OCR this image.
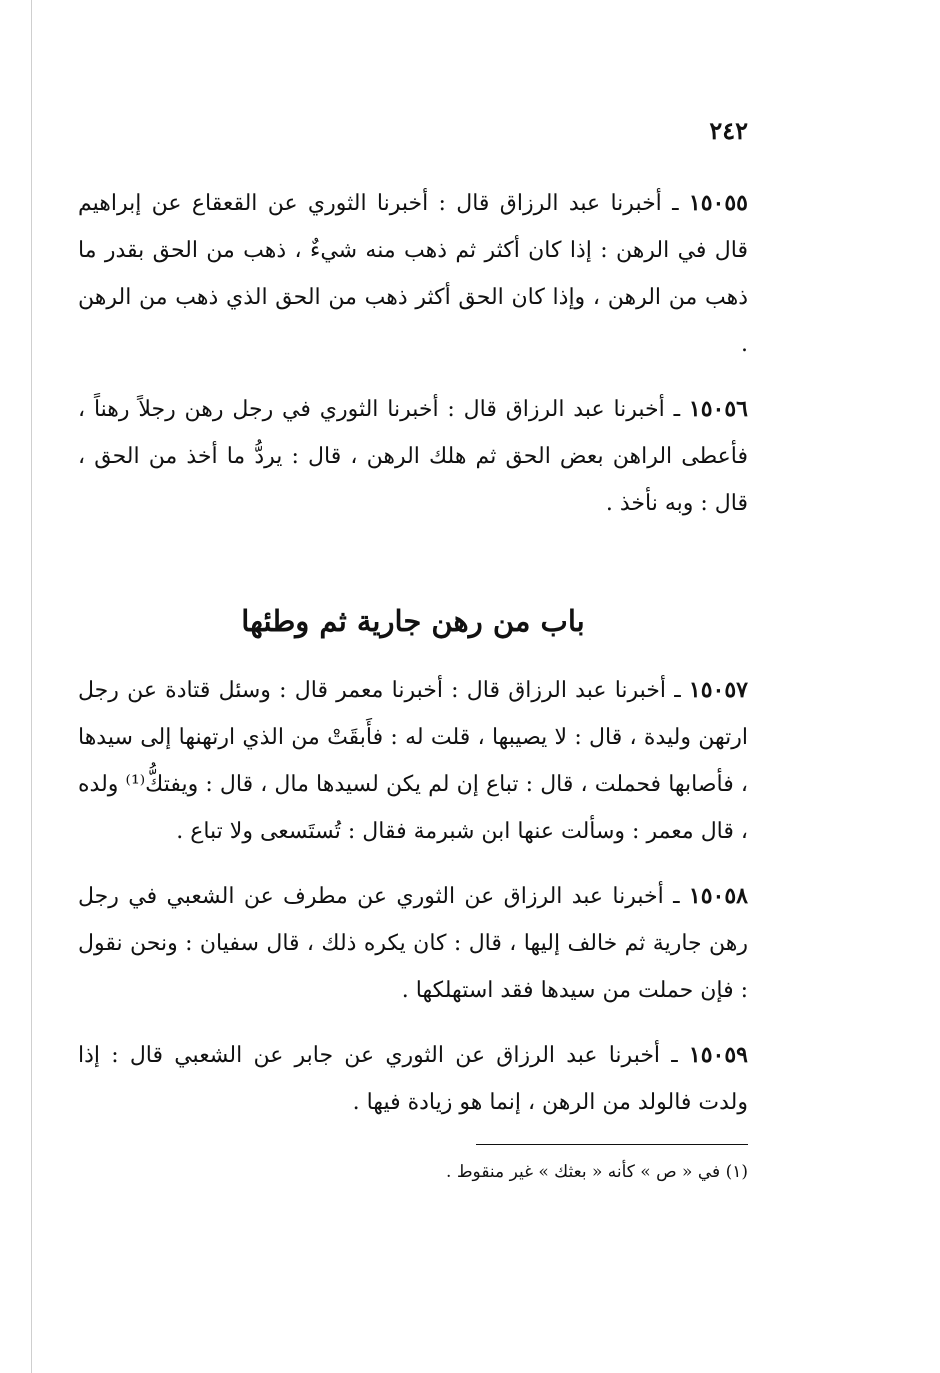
٢٤٢

١٥٠٥٥ ـ أخبرنا عبد الرزاق قال : أخبرنا الثوري عن القعقاع عن إبراهيم قال في الرهن : إذا كان أكثر ثم ذهب منه شيءٌ ، ذهب من الحق بقدر ما ذهب من الرهن ، وإذا كان الحق أكثر ذهب من الحق الذي ذهب من الرهن .

١٥٠٥٦ ـ أخبرنا عبد الرزاق قال : أخبرنا الثوري في رجل رهن رجلاً رهناً ، فأعطى الراهن بعض الحق ثم هلك الرهن ، قال : يردُّ ما أخذ من الحق ، قال : وبه نأخذ .

باب من رهن جارية ثم وطئها

١٥٠٥٧ ـ أخبرنا عبد الرزاق قال : أخبرنا معمر قال : وسئل قتادة عن رجل ارتهن وليدة ، قال : لا يصيبها ، قلت له : فأَبقَتْ من الذي ارتهنها إلى سيدها ، فأصابها فحملت ، قال : تباع إن لم يكن لسيدها مال ، قال : ويفتكُّ⁽¹⁾ ولده ، قال معمر : وسألت عنها ابن شبرمة فقال : تُستَسعى ولا تباع .

١٥٠٥٨ ـ أخبرنا عبد الرزاق عن الثوري عن مطرف عن الشعبي في رجل رهن جارية ثم خالف إليها ، قال : كان يكره ذلك ، قال سفيان : ونحن نقول : فإن حملت من سيدها فقد استهلكها .

١٥٠٥٩ ـ أخبرنا عبد الرزاق عن الثوري عن جابر عن الشعبي قال : إذا ولدت فالولد من الرهن ، إنما هو زيادة فيها .

(١) في « ص » كأنه « بعثك » غير منقوط .
